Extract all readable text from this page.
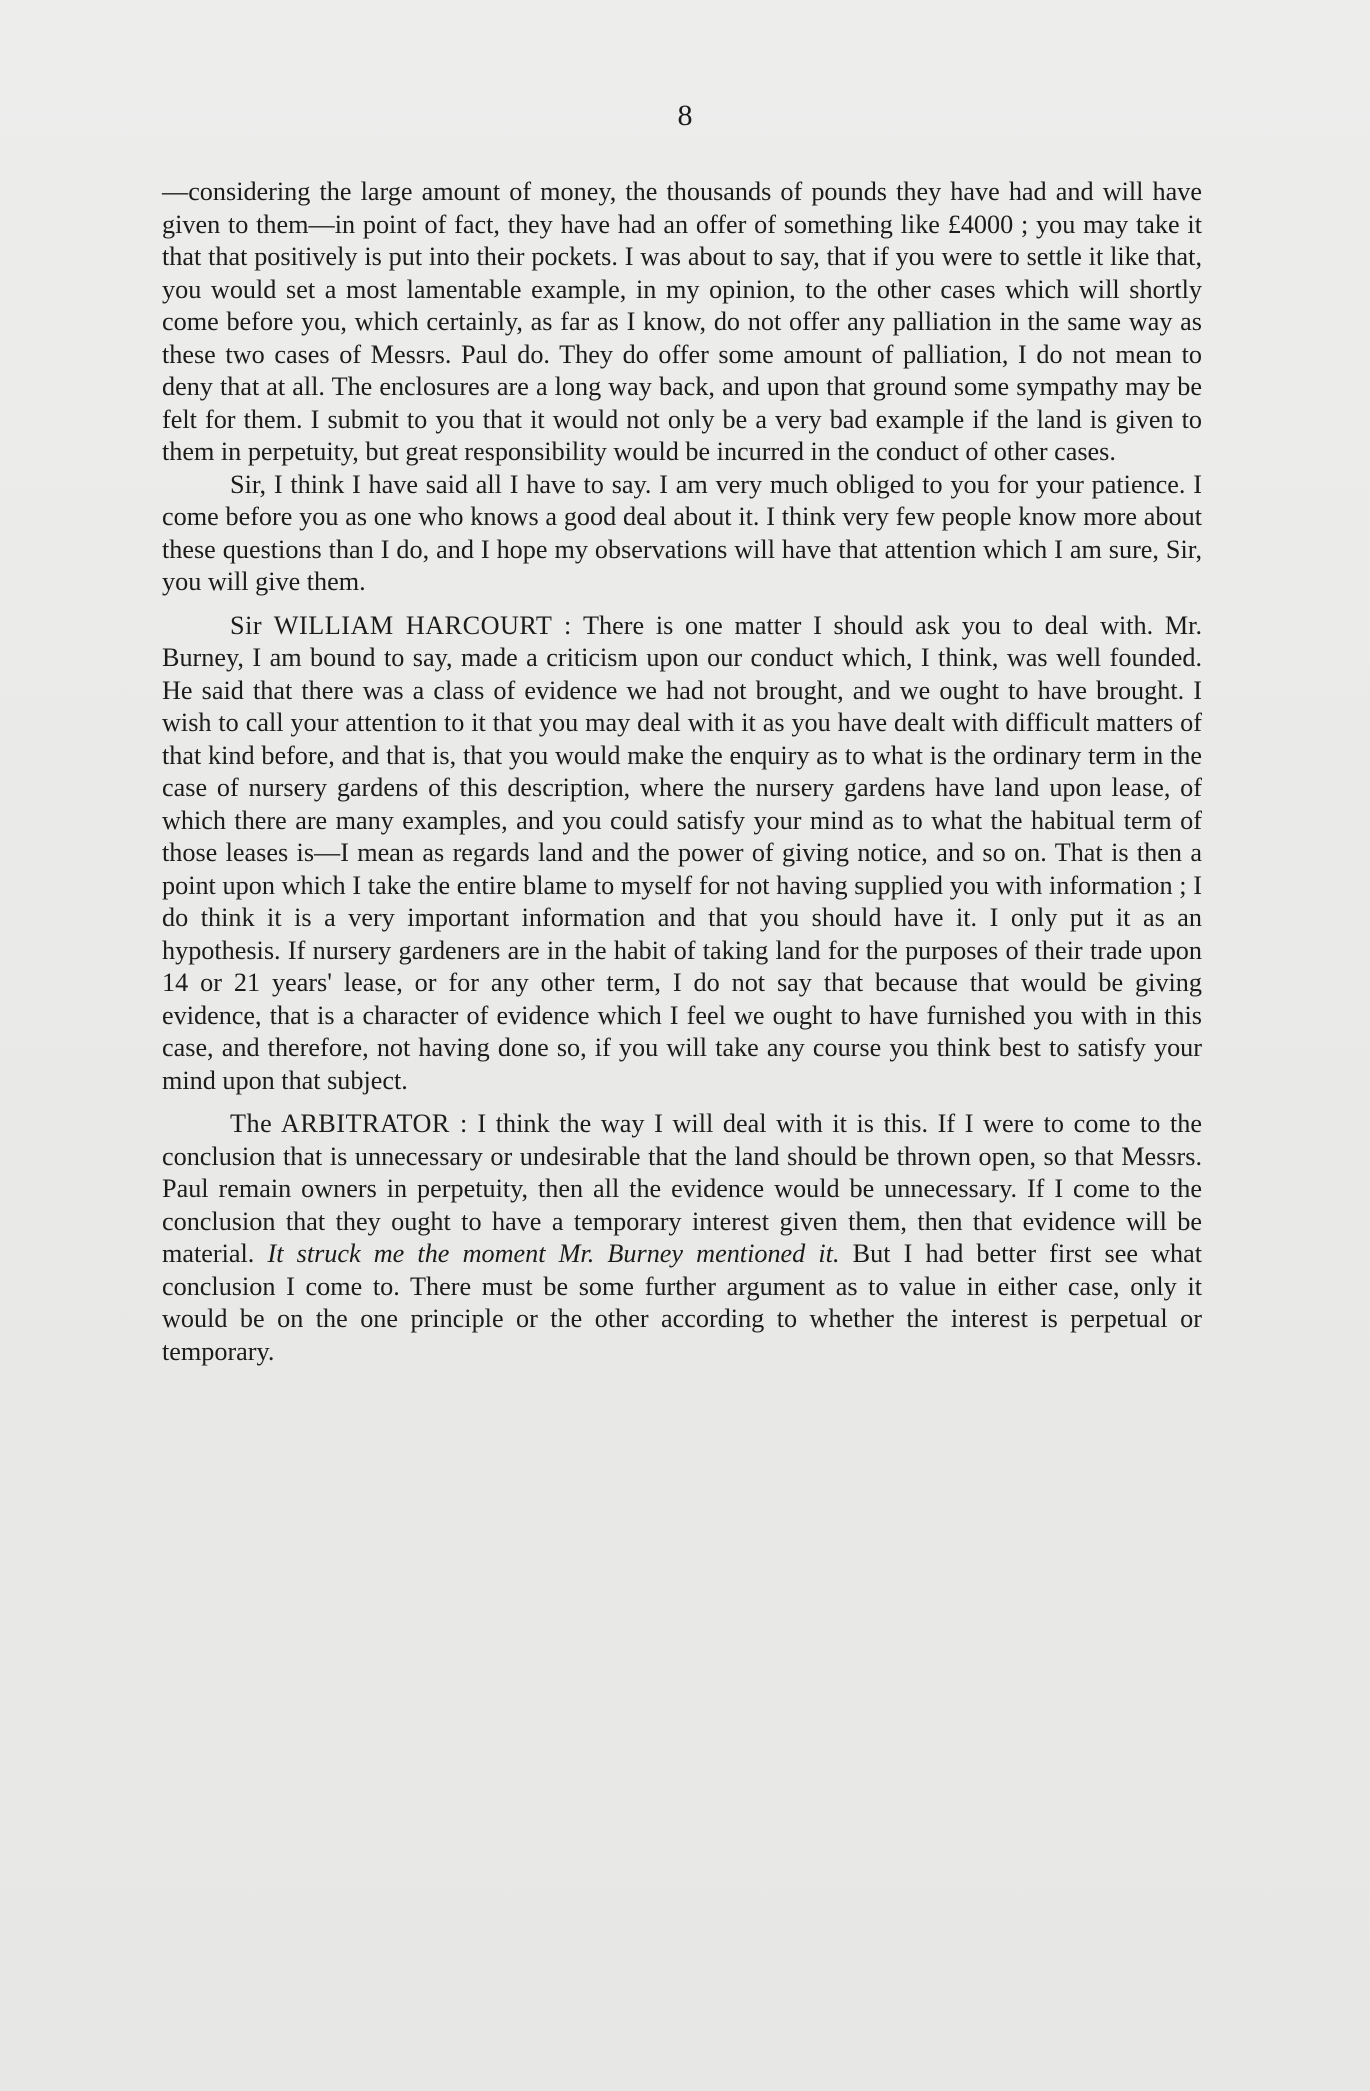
8

—considering the large amount of money, the thousands of pounds they have had and will have given to them—in point of fact, they have had an offer of something like £4000 ; you may take it that that positively is put into their pockets. I was about to say, that if you were to settle it like that, you would set a most lamentable example, in my opinion, to the other cases which will shortly come before you, which certainly, as far as I know, do not offer any palliation in the same way as these two cases of Messrs. Paul do. They do offer some amount of palliation, I do not mean to deny that at all. The enclosures are a long way back, and upon that ground some sympathy may be felt for them. I submit to you that it would not only be a very bad example if the land is given to them in perpetuity, but great responsibility would be incurred in the conduct of other cases.

Sir, I think I have said all I have to say. I am very much obliged to you for your patience. I come before you as one who knows a good deal about it. I think very few people know more about these questions than I do, and I hope my observations will have that attention which I am sure, Sir, you will give them.

Sir WILLIAM HARCOURT : There is one matter I should ask you to deal with. Mr. Burney, I am bound to say, made a criticism upon our conduct which, I think, was well founded. He said that there was a class of evidence we had not brought, and we ought to have brought. I wish to call your attention to it that you may deal with it as you have dealt with difficult matters of that kind before, and that is, that you would make the enquiry as to what is the ordinary term in the case of nursery gardens of this description, where the nursery gardens have land upon lease, of which there are many examples, and you could satisfy your mind as to what the habitual term of those leases is—I mean as regards land and the power of giving notice, and so on. That is then a point upon which I take the entire blame to myself for not having supplied you with information ; I do think it is a very important information and that you should have it. I only put it as an hypothesis. If nursery gardeners are in the habit of taking land for the purposes of their trade upon 14 or 21 years' lease, or for any other term, I do not say that because that would be giving evidence, that is a character of evidence which I feel we ought to have furnished you with in this case, and therefore, not having done so, if you will take any course you think best to satisfy your mind upon that subject.

The ARBITRATOR : I think the way I will deal with it is this. If I were to come to the conclusion that is unnecessary or undesirable that the land should be thrown open, so that Messrs. Paul remain owners in perpetuity, then all the evidence would be unnecessary. If I come to the conclusion that they ought to have a temporary interest given them, then that evidence will be material. It struck me the moment Mr. Burney mentioned it. But I had better first see what conclusion I come to. There must be some further argument as to value in either case, only it would be on the one principle or the other according to whether the interest is perpetual or temporary.
